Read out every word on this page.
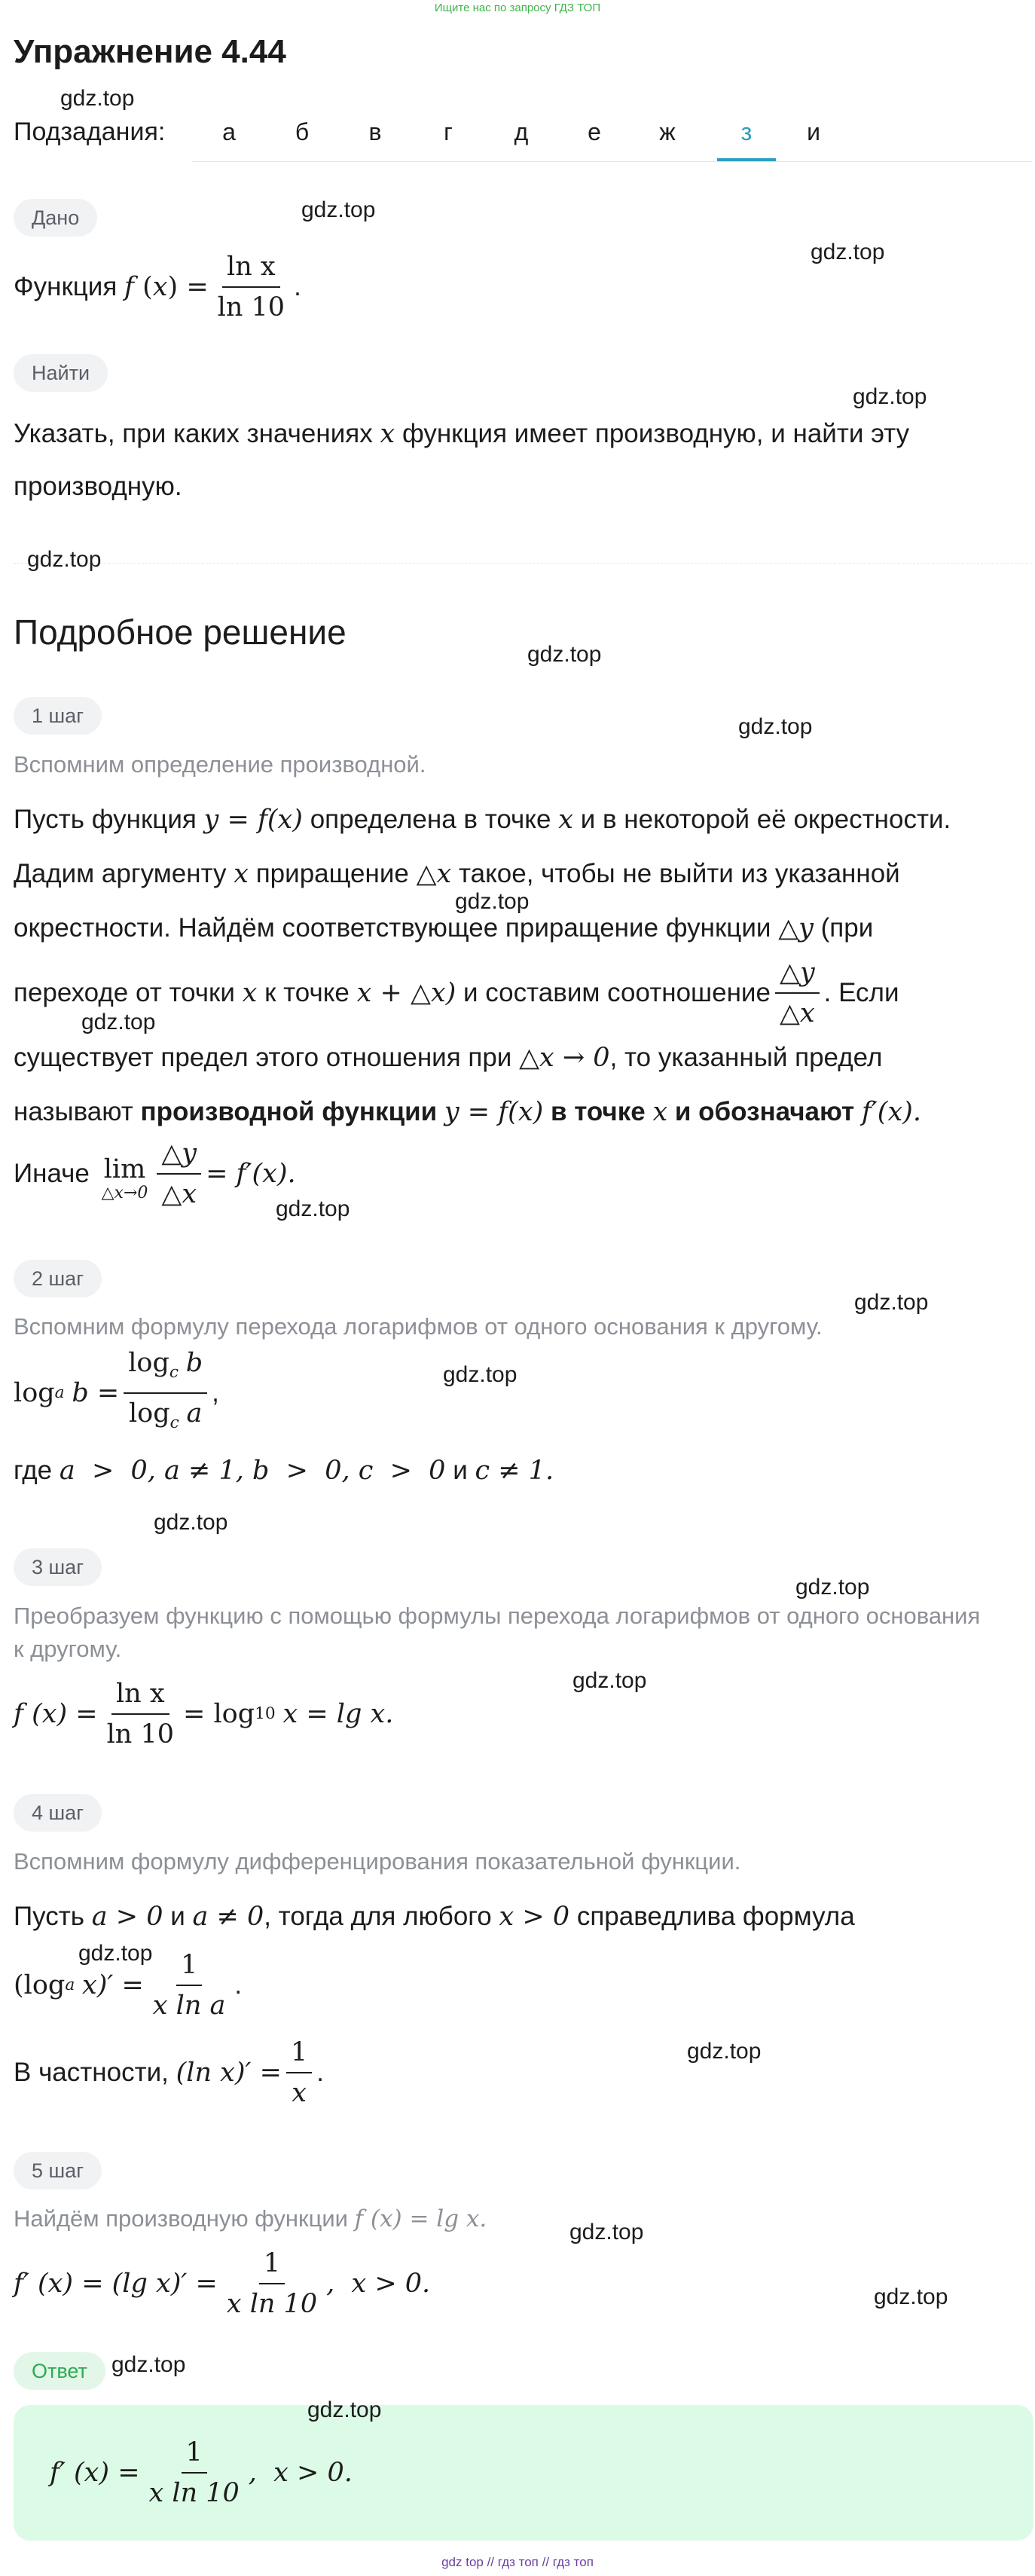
Ищите нас по запросу ГДЗ ТОП
Упражнение 4.44
Подзадания:	а	б	в	г	д	е	ж	з	и
Дано
Функция
f ( x ) = $\frac{\text{ln x}}{\ln 10}$ .
Найти
Указать, при каких значениях x функция имеет производную, и найти эту
производную.
Подробное решение
1 шаг
Вспомним определение производной.
Пусть функция y = f(x) определена в точке x и в некоторой её окрестности.
Дадим аргументу x приращение △x такое, чтобы не выйти из указанной
окрестности. Найдём соответствующее приращение функции △y (при
переходе от точки
x
к точке
x + △x)
и составим соотношение $\frac{\triangle y}{\triangle x}$ . Если
существует предел этого отношения при △x → 0, то указанный предел
называют производной функции y = f(x) в точке x и обозначают f′(x).
Иначе
lim
△x→0 $\frac{\triangle y}{\triangle x} = f'(x)$.
2 шаг
Вспомним формулу перехода логарифмов от одного основания к другому.
log a
$b = \frac{\log_c b}{\log_c a}$ ,
где a  >  0, a ≠ 1, b  >  0, c  >  0 и c ≠ 1.
3 шаг
Преобразуем функцию с помощью формулы перехода логарифмов от одного основания
к другому.
f $(x) = \frac{\text{ln x}}{\ln 10} = \log 10$
x = lg x.
4 шаг
Вспомним формулу дифференцирования показательной функции.
Пусть a > 0 и a ≠ 0, тогда для любого x > 0 справедлива формула
(log a
$x)' = \frac{1}{\text{x ln a}}$ .
В частности,
(ln $x)' = \frac{1}{x}$ .
5 шаг
Найдём производную функции f (x) = lg x.
f′ (x) = (lg $x)' = \frac{1}{\text{x ln 10}}$ ,  x > 0.
Ответ
f′ $(x) = \frac{1}{\text{x ln 10}}$ ,  x > 0.
gdz.top
gdz.top
gdz.top
gdz.top
gdz.top
gdz.top
gdz.top
gdz.top
gdz.top
gdz.top
gdz.top
gdz.top
gdz.top
gdz.top
gdz.top
gdz.top
gdz.top
gdz.top
gdz.top
gdz.top
gdz.top
gdz top // гдз топ // гдз топ
